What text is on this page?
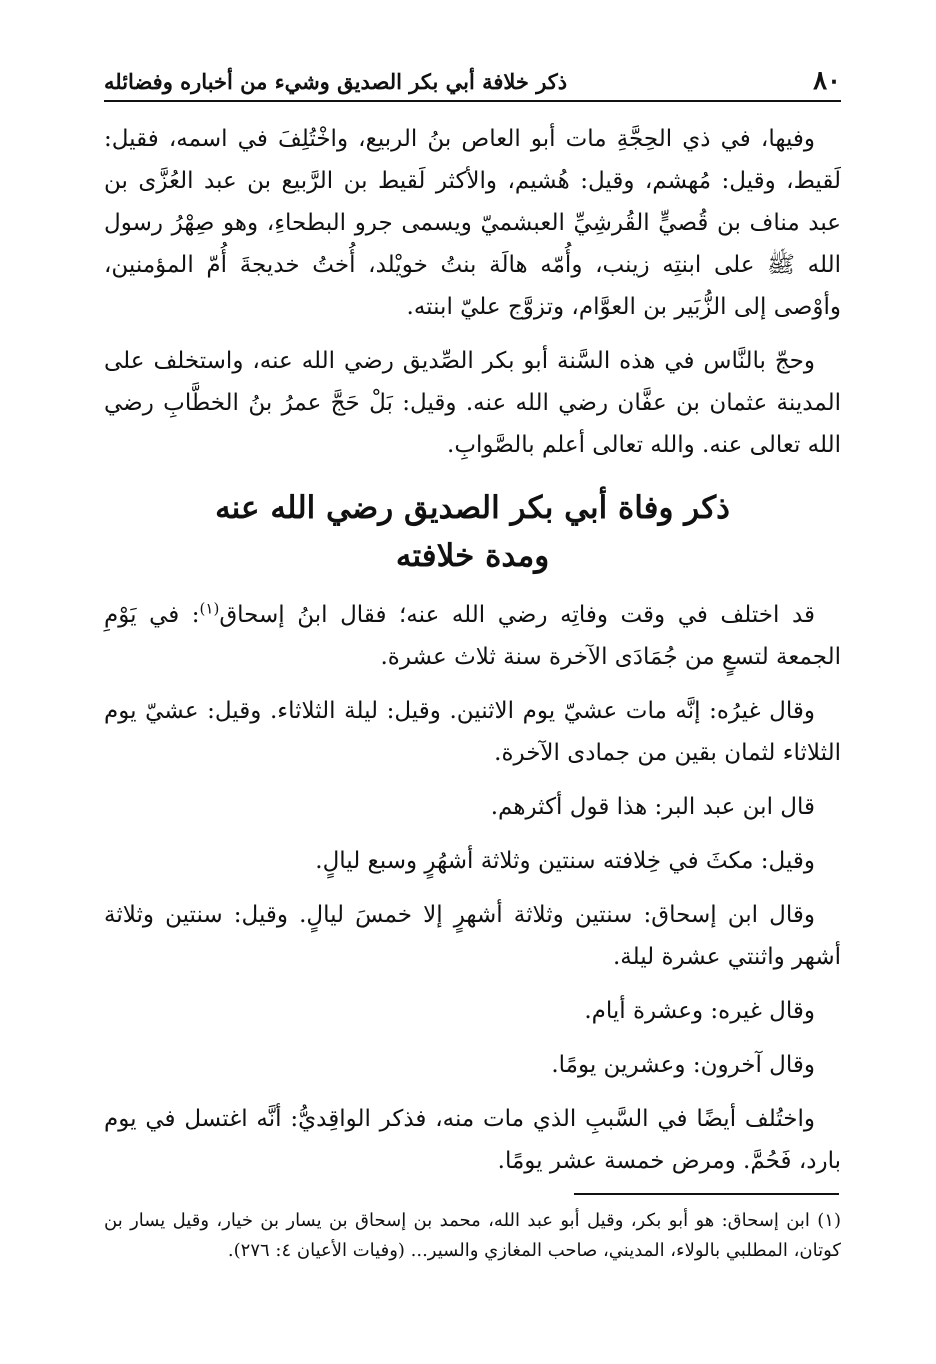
٨٠
ذكر خلافة أبي بكر الصديق وشيء من أخباره وفضائله

وفيها، في ذي الحِجَّةِ مات أبو العاص بنُ الربيع، واخْتُلِفَ في اسمه، فقيل: لَقيط، وقيل: مُهشم، وقيل: هُشيم، والأكثر لَقيط بن الرَّبيع بن عبد العُزَّى بن عبد مناف بن قُصيٍّ القُرشِيِّ العبشميّ ويسمى جرو البطحاءِ، وهو صِهْرُ رسول الله ﷺ على ابنتِه زينب، وأُمّه هالَة بنتُ خويْلد، أُختُ خديجةَ أُمّ المؤمنين، وأوْصى إلى الزُّبَير بن العوَّام، وتزوَّج عليّ ابنته.

وحجّ بالنَّاس في هذه السَّنة أبو بكر الصِّديق رضي الله عنه، واستخلف على المدينة عثمان بن عفَّان رضي الله عنه. وقيل: بَلْ حَجَّ عمرُ بنُ الخطَّابِ رضي الله تعالى عنه. والله تعالى أعلم بالصَّوابِ.

ذكر وفاة أبي بكر الصديق رضي الله عنه
ومدة خلافته

قد اختلف في وقت وفاتِه رضي الله عنه؛ فقال ابنُ إسحاق$^{(١)}$: في يَوْمِ الجمعة لتسعٍ من جُمَادَى الآخرة سنة ثلاث عشرة.

وقال غيرُه: إنَّه مات عشيّ يوم الاثنين. وقيل: ليلة الثلاثاء. وقيل: عشيّ يوم الثلاثاء لثمان بقين من جمادى الآخرة.

قال ابن عبد البر: هذا قول أكثرهم.

وقيل: مكثَ في خِلافته سنتين وثلاثة أشهُرٍ وسبع ليالٍ.

وقال ابن إسحاق: سنتين وثلاثة أشهرٍ إلا خمسَ ليالٍ. وقيل: سنتين وثلاثة أشهر واثنتي عشرة ليلة.

وقال غيره: وعشرة أيام.

وقال آخرون: وعشرين يومًا.

واختُلف أيضًا في السَّببِ الذي مات منه، فذكر الواقِديُّ: أنَّه اغتسل في يوم بارد، فَحُمَّ. ومرض خمسة عشر يومًا.

(١) ابن إسحاق: هو أبو بكر، وقيل أبو عبد الله، محمد بن إسحاق بن يسار بن خيار، وقيل يسار بن كوتان، المطلبي بالولاء، المديني، صاحب المغازي والسير... (وفيات الأعيان ٤: ٢٧٦).
